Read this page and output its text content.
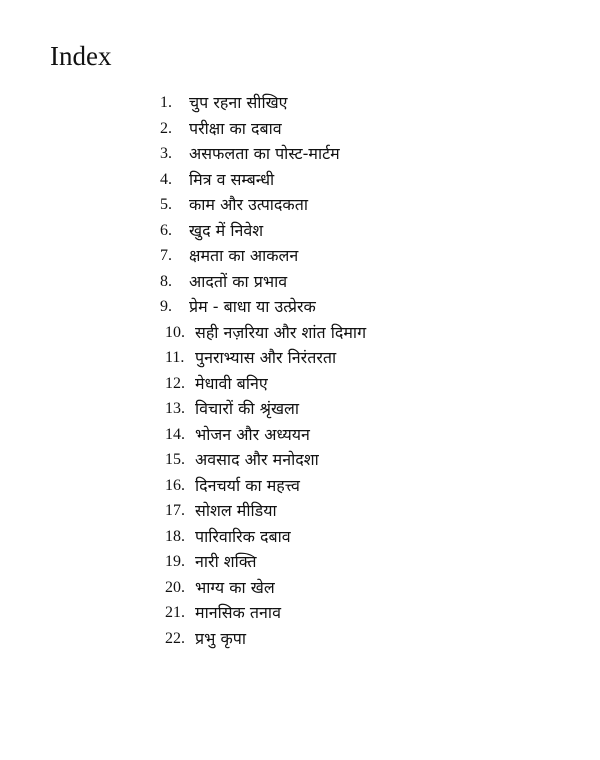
Index
1. चुप रहना सीखिए
2. परीक्षा का दबाव
3. असफलता का पोस्ट-मार्टम
4. मित्र व सम्बन्धी
5. काम और उत्पादकता
6. खुद में निवेश
7. क्षमता का आकलन
8. आदतों का प्रभाव
9. प्रेम - बाधा या उत्प्रेरक
10. सही नज़रिया और शांत दिमाग
11. पुनराभ्यास और निरंतरता
12. मेधावी बनिए
13. विचारों की श्रृंखला
14. भोजन और अध्ययन
15. अवसाद और मनोदशा
16. दिनचर्या का महत्त्व
17. सोशल मीडिया
18. पारिवारिक दबाव
19. नारी शक्ति
20. भाग्य का खेल
21. मानसिक तनाव
22. प्रभु कृपा
